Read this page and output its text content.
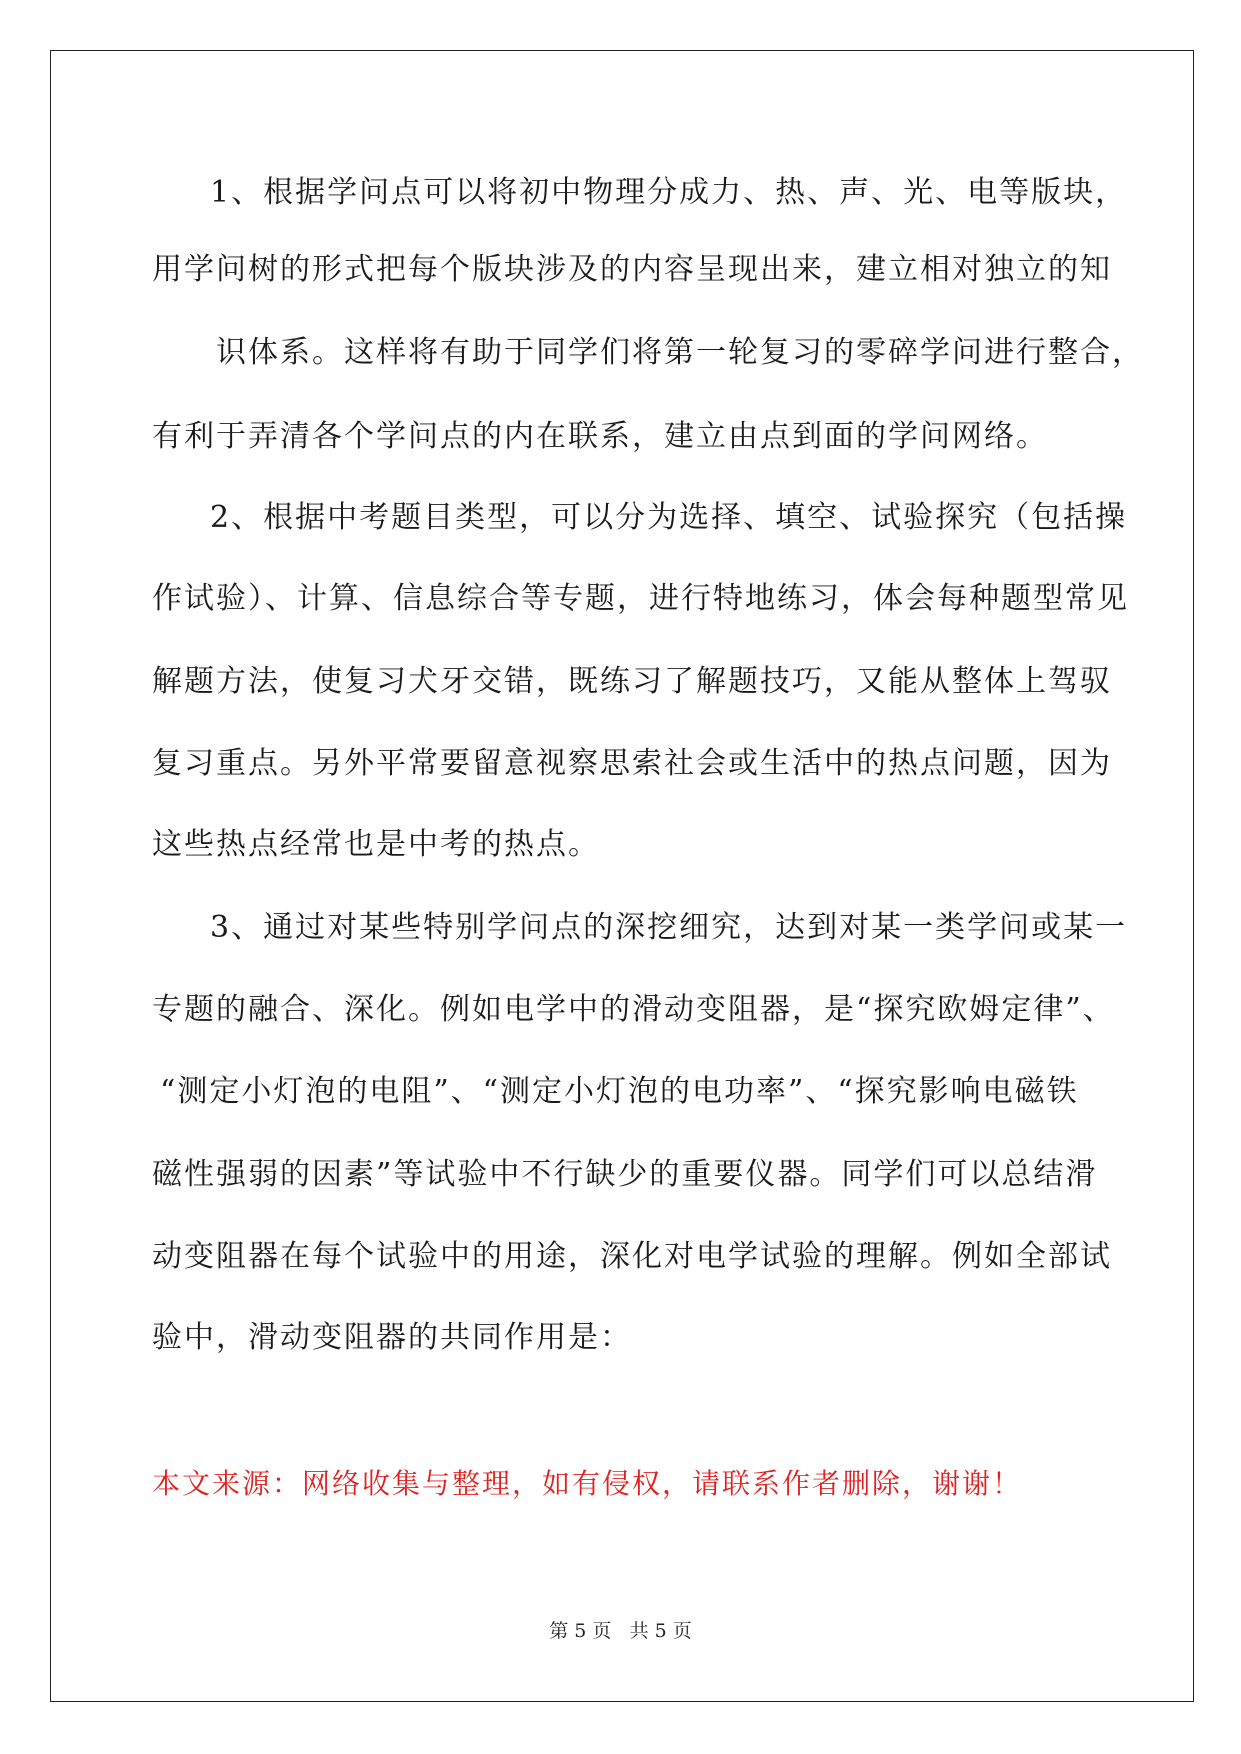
1、根据学问点可以将初中物理分成力、热、声、光、电等版块，
用学问树的形式把每个版块涉及的内容呈现出来，建立相对独立的知
识体系。这样将有助于同学们将第一轮复习的零碎学问进行整合，
有利于弄清各个学问点的内在联系，建立由点到面的学问网络。
2、根据中考题目类型，可以分为选择、填空、试验探究（包括操
作试验）、计算、信息综合等专题，进行特地练习，体会每种题型常见
解题方法，使复习犬牙交错，既练习了解题技巧，又能从整体上驾驭
复习重点。另外平常要留意视察思索社会或生活中的热点问题，因为
这些热点经常也是中考的热点。
3、通过对某些特别学问点的深挖细究，达到对某一类学问或某一
专题的融合、深化。例如电学中的滑动变阻器，是“探究欧姆定律”、
“测定小灯泡的电阻”、“测定小灯泡的电功率”、“探究影响电磁铁
磁性强弱的因素”等试验中不行缺少的重要仪器。同学们可以总结滑
动变阻器在每个试验中的用途，深化对电学试验的理解。例如全部试
验中，滑动变阻器的共同作用是：
本文来源：网络收集与整理，如有侵权，请联系作者删除，谢谢！
第 5 页 共 5 页
